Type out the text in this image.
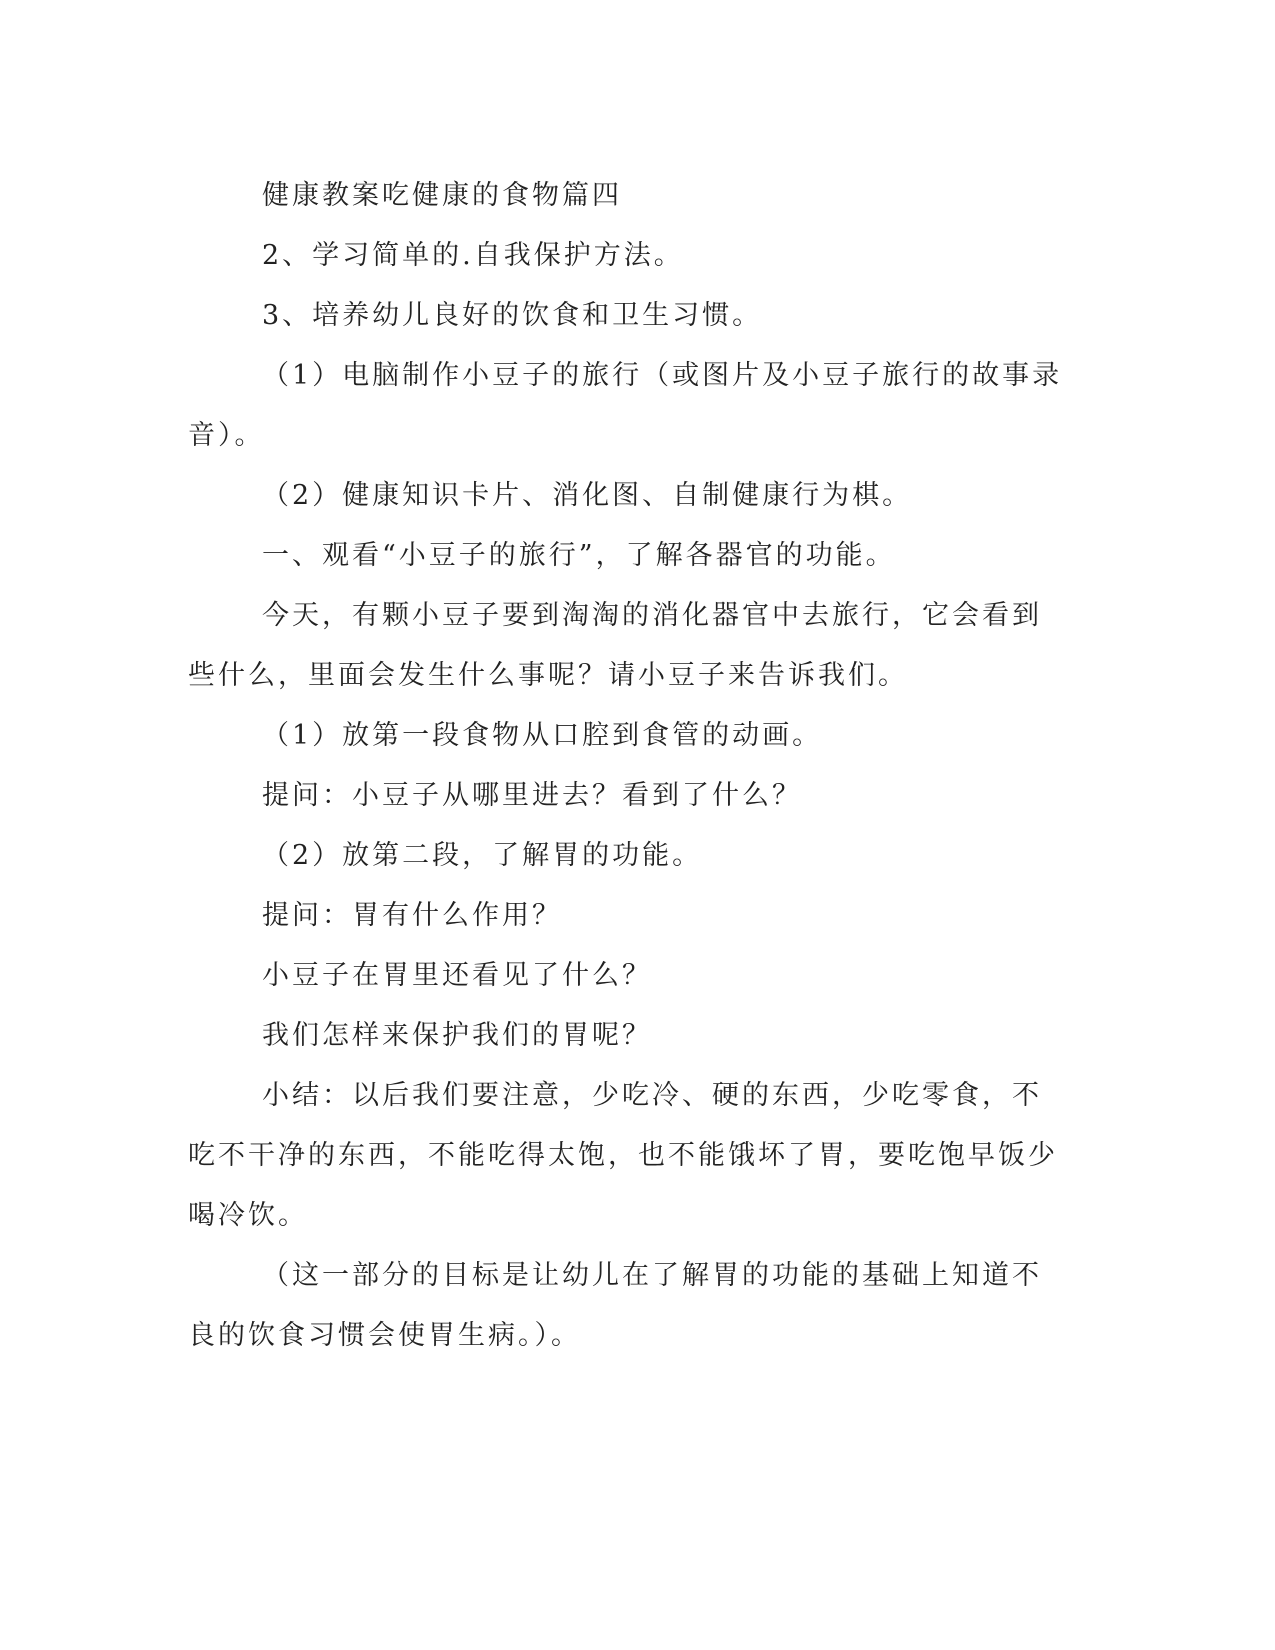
健康教案吃健康的食物篇四

2、学习简单的.自我保护方法。

3、培养幼儿良好的饮食和卫生习惯。

（1）电脑制作小豆子的旅行（或图片及小豆子旅行的故事录音）。

（2）健康知识卡片、消化图、自制健康行为棋。

一、观看“小豆子的旅行”，了解各器官的功能。

今天，有颗小豆子要到淘淘的消化器官中去旅行，它会看到些什么，里面会发生什么事呢？请小豆子来告诉我们。

（1）放第一段食物从口腔到食管的动画。

提问：小豆子从哪里进去？看到了什么？

（2）放第二段，了解胃的功能。

提问：胃有什么作用？

小豆子在胃里还看见了什么？

我们怎样来保护我们的胃呢？

小结：以后我们要注意，少吃冷、硬的东西，少吃零食，不吃不干净的东西，不能吃得太饱，也不能饿坏了胃，要吃饱早饭少喝冷饮。

（这一部分的目标是让幼儿在了解胃的功能的基础上知道不良的饮食习惯会使胃生病。）。
